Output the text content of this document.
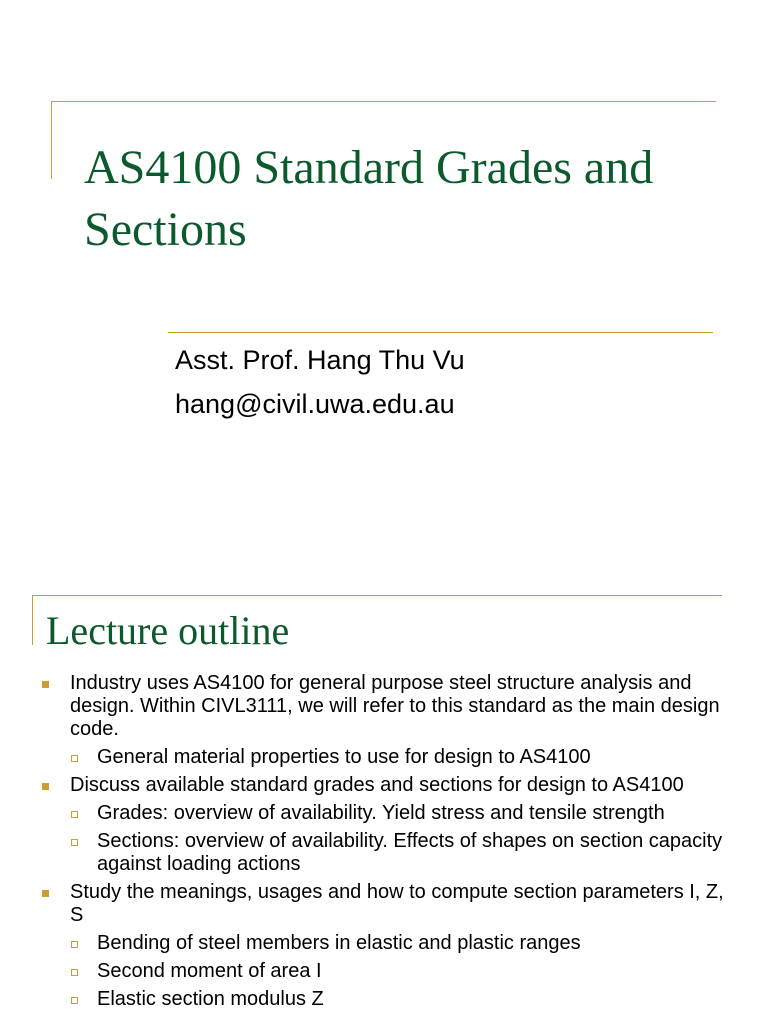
AS4100 Standard Grades and Sections
Asst. Prof. Hang Thu Vu
hang@civil.uwa.edu.au
Lecture outline
Industry uses AS4100 for general purpose steel structure analysis and design. Within CIVL3111, we will refer to this standard as the main design code.
General material properties to use for design to AS4100
Discuss available standard grades and sections for design to AS4100
Grades: overview of availability. Yield stress and tensile strength
Sections: overview of availability. Effects of shapes on section capacity against loading actions
Study the meanings, usages and how to compute section parameters I, Z, S
Bending of steel members in elastic and plastic ranges
Second moment of area I
Elastic section modulus Z
